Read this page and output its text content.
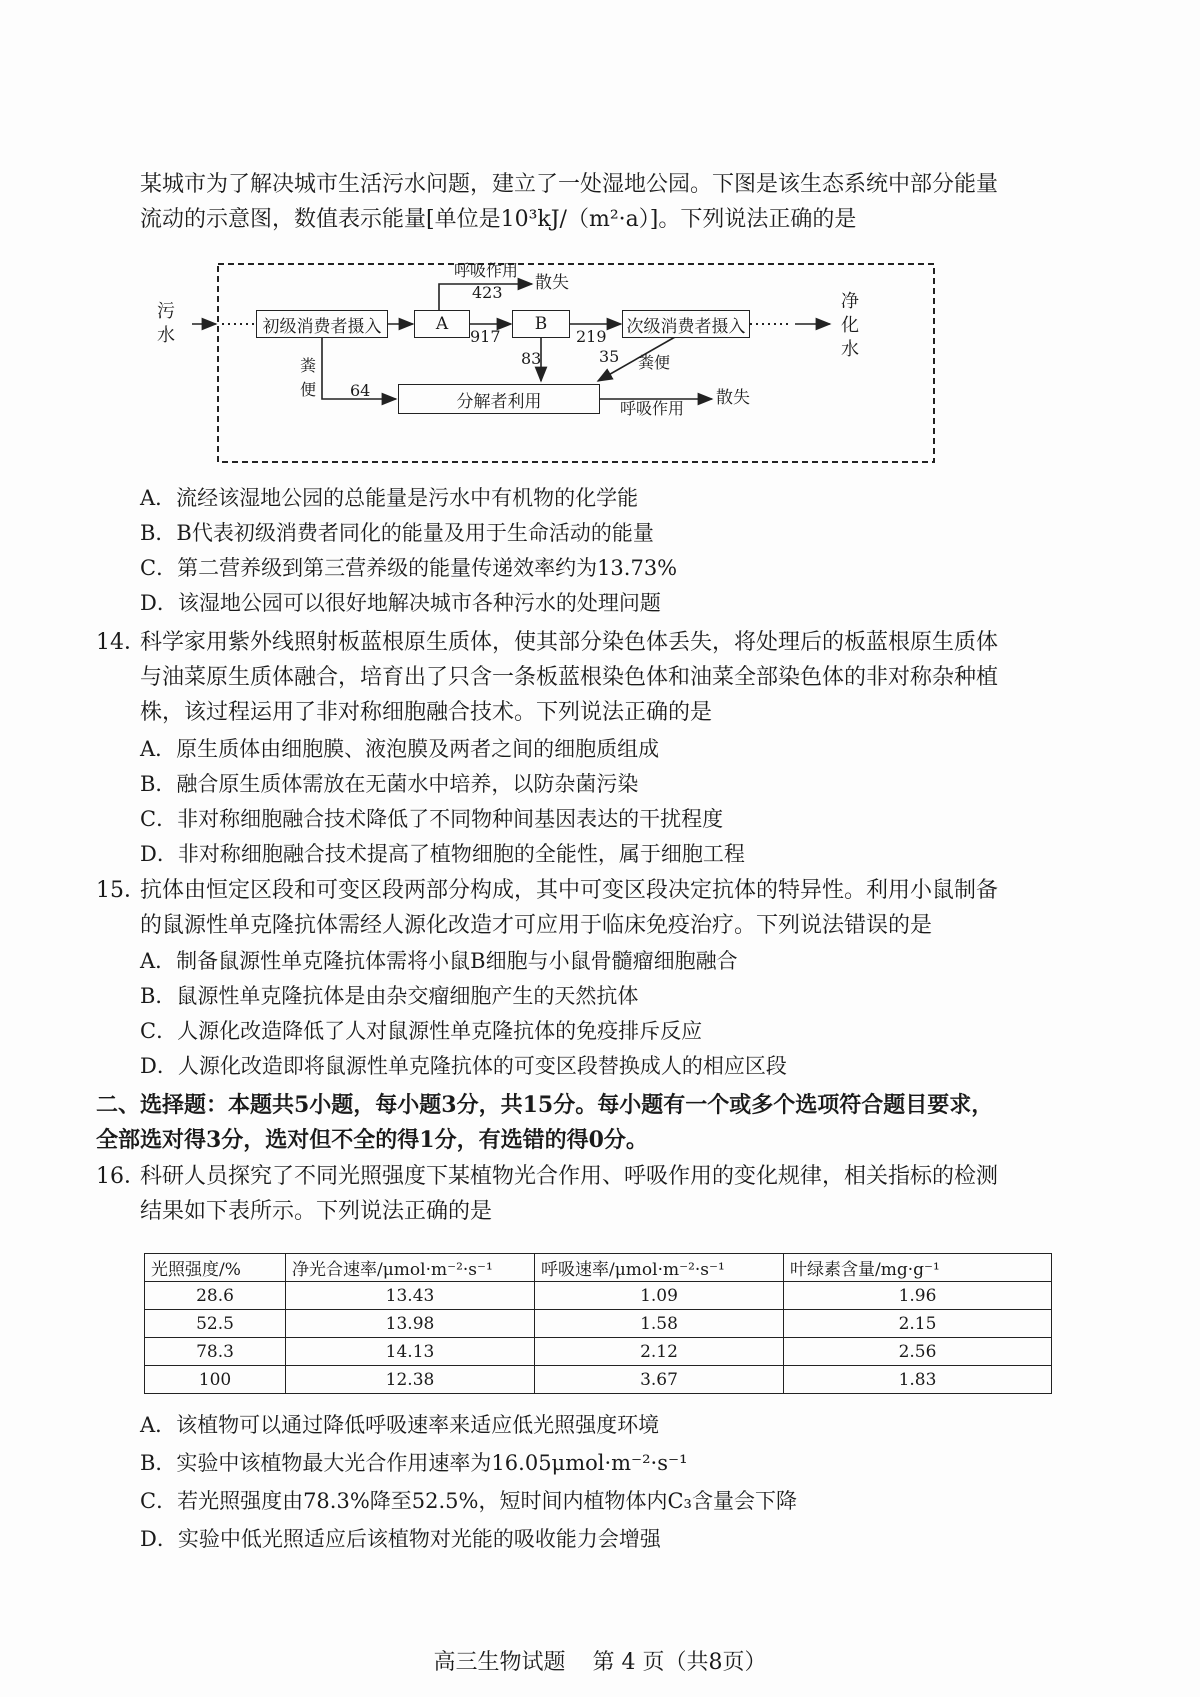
某城市为了解决城市生活污水问题，建立了一处湿地公园。下图是该生态系统中部分能量
流动的示意图，数值表示能量[单位是10³kJ/（m²·a）]。下列说法正确的是
污水
净化水
初级消费者摄入	A	B	次级消费者摄入
分解者利用
呼吸作用
423 散失
917	219
83	35 粪便
64
粪便
呼吸作用
散失
A．流经该湿地公园的总能量是污水中有机物的化学能
B．B代表初级消费者同化的能量及用于生命活动的能量
C．第二营养级到第三营养级的能量传递效率约为13.73%
D．该湿地公园可以很好地解决城市各种污水的处理问题
14．
科学家用紫外线照射板蓝根原生质体，使其部分染色体丢失，将处理后的板蓝根原生质体
与油菜原生质体融合，培育出了只含一条板蓝根染色体和油菜全部染色体的非对称杂种植
株，该过程运用了非对称细胞融合技术。下列说法正确的是
A．原生质体由细胞膜、液泡膜及两者之间的细胞质组成
B．融合原生质体需放在无菌水中培养，以防杂菌污染
C．非对称细胞融合技术降低了不同物种间基因表达的干扰程度
D．非对称细胞融合技术提高了植物细胞的全能性，属于细胞工程
15．
抗体由恒定区段和可变区段两部分构成，其中可变区段决定抗体的特异性。利用小鼠制备
的鼠源性单克隆抗体需经人源化改造才可应用于临床免疫治疗。下列说法错误的是
A．制备鼠源性单克隆抗体需将小鼠B细胞与小鼠骨髓瘤细胞融合
B．鼠源性单克隆抗体是由杂交瘤细胞产生的天然抗体
C．人源化改造降低了人对鼠源性单克隆抗体的免疫排斥反应
D．人源化改造即将鼠源性单克隆抗体的可变区段替换成人的相应区段
二、选择题：本题共5小题，每小题3分，共15分。每小题有一个或多个选项符合题目要求，
全部选对得3分，选对但不全的得1分，有选错的得0分。
16．
科研人员探究了不同光照强度下某植物光合作用、呼吸作用的变化规律，相关指标的检测
结果如下表所示。下列说法正确的是
光照强度/%	净光合速率/μmol·m⁻²·s⁻¹	呼吸速率/μmol·m⁻²·s⁻¹	叶绿素含量/mg·g⁻¹
28.6	13.43	1.09	1.96
52.5	13.98	1.58	2.15
78.3	14.13	2.12	2.56
100	12.38	3.67	1.83
A．该植物可以通过降低呼吸速率来适应低光照强度环境
B．实验中该植物最大光合作用速率为16.05μmol·m⁻²·s⁻¹
C．若光照强度由78.3%降至52.5%，短时间内植物体内C₃含量会下降
D．实验中低光照适应后该植物对光能的吸收能力会增强
高三生物试题 第 4 页（共8页）
